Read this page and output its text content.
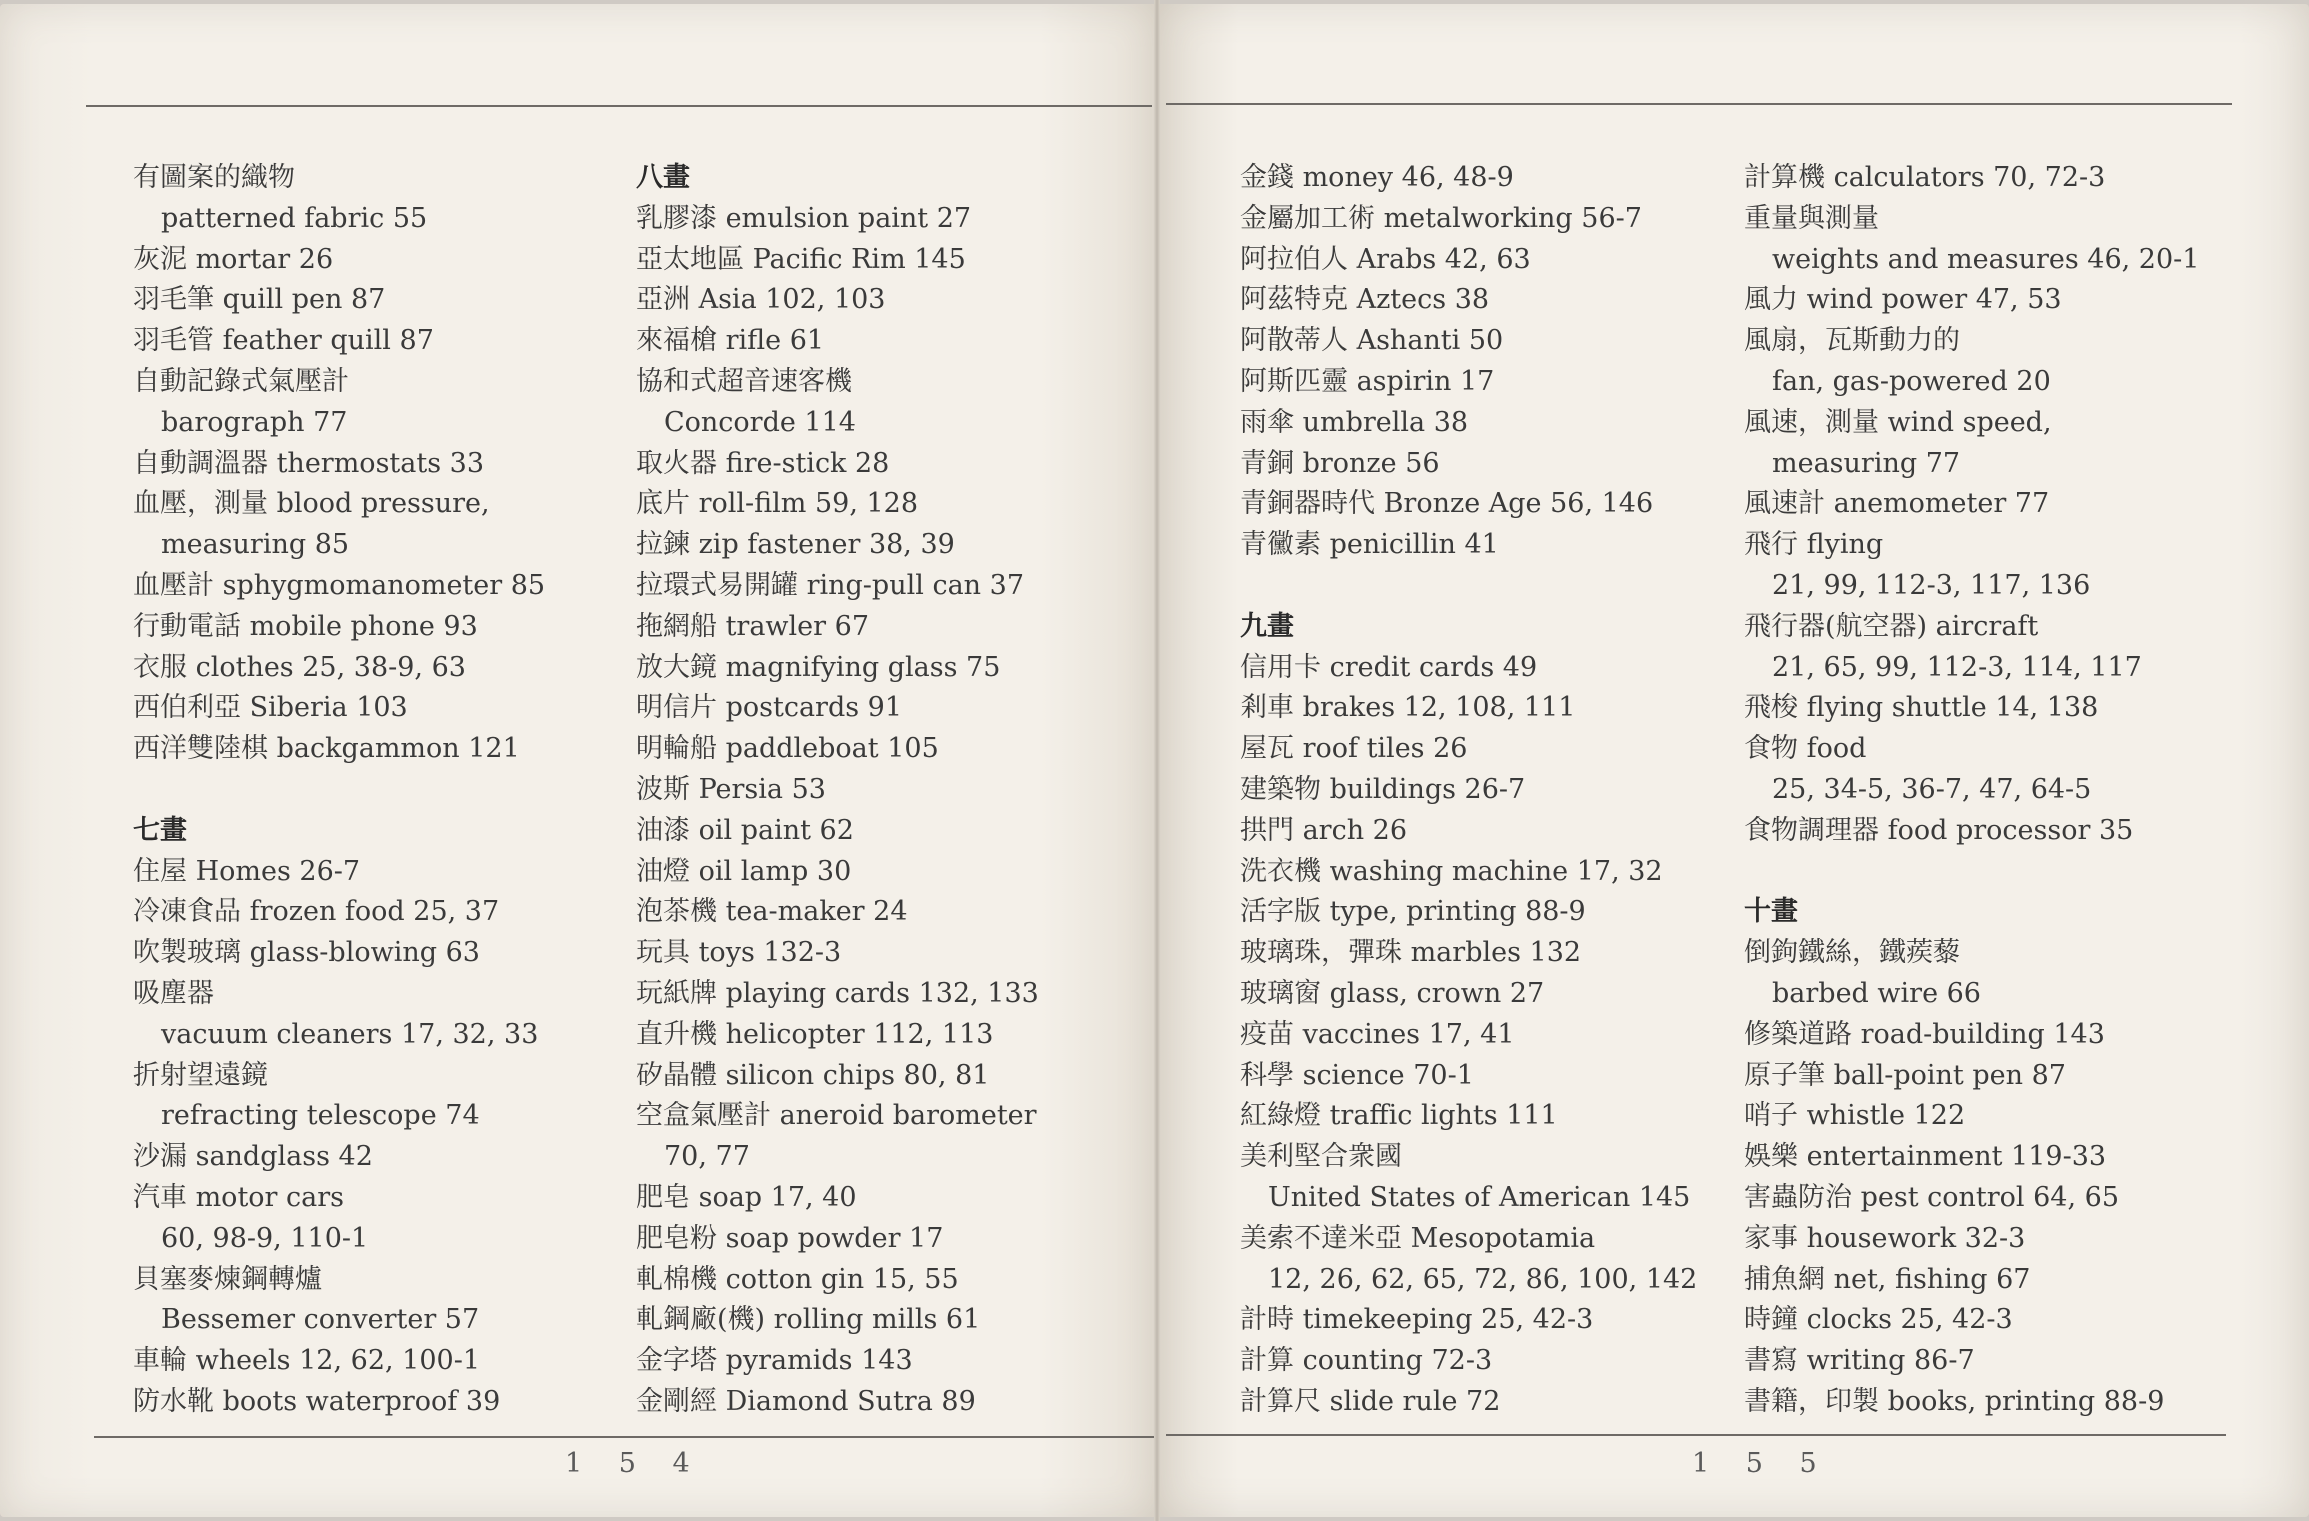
有圖案的織物
patterned fabric 55
灰泥 mortar 26
羽毛筆 quill pen 87
羽毛管 feather quill 87
自動記錄式氣壓計
barograph 77
自動調溫器 thermostats 33
血壓，測量 blood pressure,
measuring 85
血壓計 sphygmomanometer 85
行動電話 mobile phone 93
衣服 clothes 25, 38-9, 63
西伯利亞 Siberia 103
西洋雙陸棋 backgammon 121
七畫
住屋 Homes 26-7
冷凍食品 frozen food 25, 37
吹製玻璃 glass-blowing 63
吸塵器
vacuum cleaners 17, 32, 33
折射望遠鏡
refracting telescope 74
沙漏 sandglass 42
汽車 motor cars
60, 98-9, 110-1
貝塞麥煉鋼轉爐
Bessemer converter 57
車輪 wheels 12, 62, 100-1
防水靴 boots waterproof 39
八畫
乳膠漆 emulsion paint 27
亞太地區 Pacific Rim 145
亞洲 Asia 102, 103
來福槍 rifle 61
協和式超音速客機
Concorde 114
取火器 fire-stick 28
底片 roll-film 59, 128
拉鍊 zip fastener 38, 39
拉環式易開罐 ring-pull can 37
拖網船 trawler 67
放大鏡 magnifying glass 75
明信片 postcards 91
明輪船 paddleboat 105
波斯 Persia 53
油漆 oil paint 62
油燈 oil lamp 30
泡茶機 tea-maker 24
玩具 toys 132-3
玩紙牌 playing cards 132, 133
直升機 helicopter 112, 113
矽晶體 silicon chips 80, 81
空盒氣壓計 aneroid barometer
70, 77
肥皂 soap 17, 40
肥皂粉 soap powder 17
軋棉機 cotton gin 15, 55
軋鋼廠(機) rolling mills 61
金字塔 pyramids 143
金剛經 Diamond Sutra 89
金錢 money 46, 48-9
金屬加工術 metalworking 56-7
阿拉伯人 Arabs 42, 63
阿茲特克 Aztecs 38
阿散蒂人 Ashanti 50
阿斯匹靈 aspirin 17
雨傘 umbrella 38
青銅 bronze 56
青銅器時代 Bronze Age 56, 146
青黴素 penicillin 41
九畫
信用卡 credit cards 49
剎車 brakes 12, 108, 111
屋瓦 roof tiles 26
建築物 buildings 26-7
拱門 arch 26
洗衣機 washing machine 17, 32
活字版 type, printing 88-9
玻璃珠，彈珠 marbles 132
玻璃窗 glass, crown 27
疫苗 vaccines 17, 41
科學 science 70-1
紅綠燈 traffic lights 111
美利堅合衆國
United States of American 145
美索不達米亞 Mesopotamia
12, 26, 62, 65, 72, 86, 100, 142
計時 timekeeping 25, 42-3
計算 counting 72-3
計算尺 slide rule 72
計算機 calculators 70, 72-3
重量與測量
weights and measures 46, 20-1
風力 wind power 47, 53
風扇，瓦斯動力的
fan, gas-powered 20
風速，測量 wind speed,
measuring 77
風速計 anemometer 77
飛行 flying
21, 99, 112-3, 117, 136
飛行器(航空器) aircraft
21, 65, 99, 112-3, 114, 117
飛梭 flying shuttle 14, 138
食物 food
25, 34-5, 36-7, 47, 64-5
食物調理器 food processor 35
十畫
倒鉤鐵絲，鐵蒺藜
barbed wire 66
修築道路 road-building 143
原子筆 ball-point pen 87
哨子 whistle 122
娛樂 entertainment 119-33
害蟲防治 pest control 64, 65
家事 housework 32-3
捕魚網 net, fishing 67
時鐘 clocks 25, 42-3
書寫 writing 86-7
書籍，印製 books, printing 88-9
1 5 4	1 5 5
